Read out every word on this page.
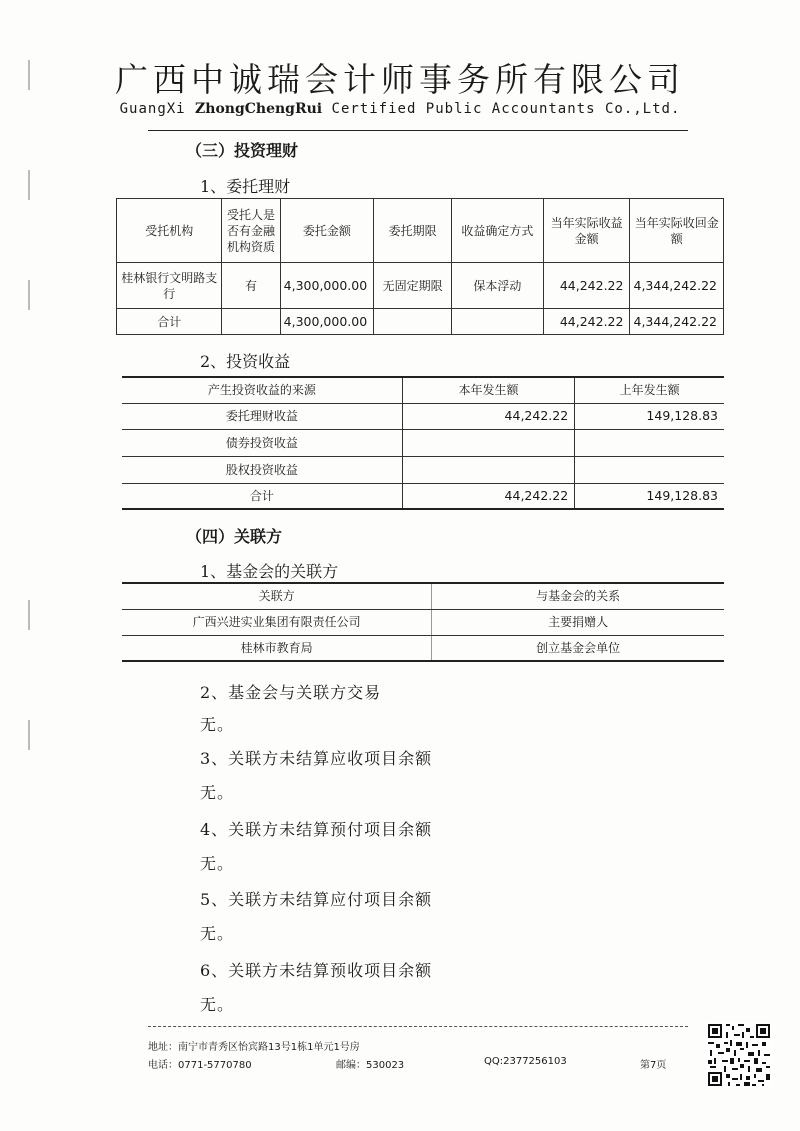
广西中诚瑞会计师事务所有限公司
GuangXi ZhongChengRui Certified Public Accountants Co.,Ltd.
（三）投资理财
1、委托理财
受托机构	受托人是否有金融机构资质	委托金额	委托期限	收益确定方式	当年实际收益金额	当年实际收回金额
桂林银行文明路支行	有	4,300,000.00	无固定期限	保本浮动	44,242.22	4,344,242.22
合计		4,300,000.00			44,242.22	4,344,242.22
2、投资收益
产生投资收益的来源	本年发生额	上年发生额
委托理财收益	44,242.22	149,128.83
债券投资收益		
股权投资收益		
合计	44,242.22	149,128.83
（四）关联方
1、基金会的关联方
关联方	与基金会的关系
广西兴进实业集团有限责任公司	主要捐赠人
桂林市教育局	创立基金会单位
2、基金会与关联方交易
无。
3、关联方未结算应收项目余额
无。
4、关联方未结算预付项目余额
无。
5、关联方未结算应付项目余额
无。
6、关联方未结算预收项目余额
无。
地址：南宁市青秀区怡宾路13号1栋1单元1号房
电话：0771-5770780	邮编：530023	QQ:2377256103	第7页
